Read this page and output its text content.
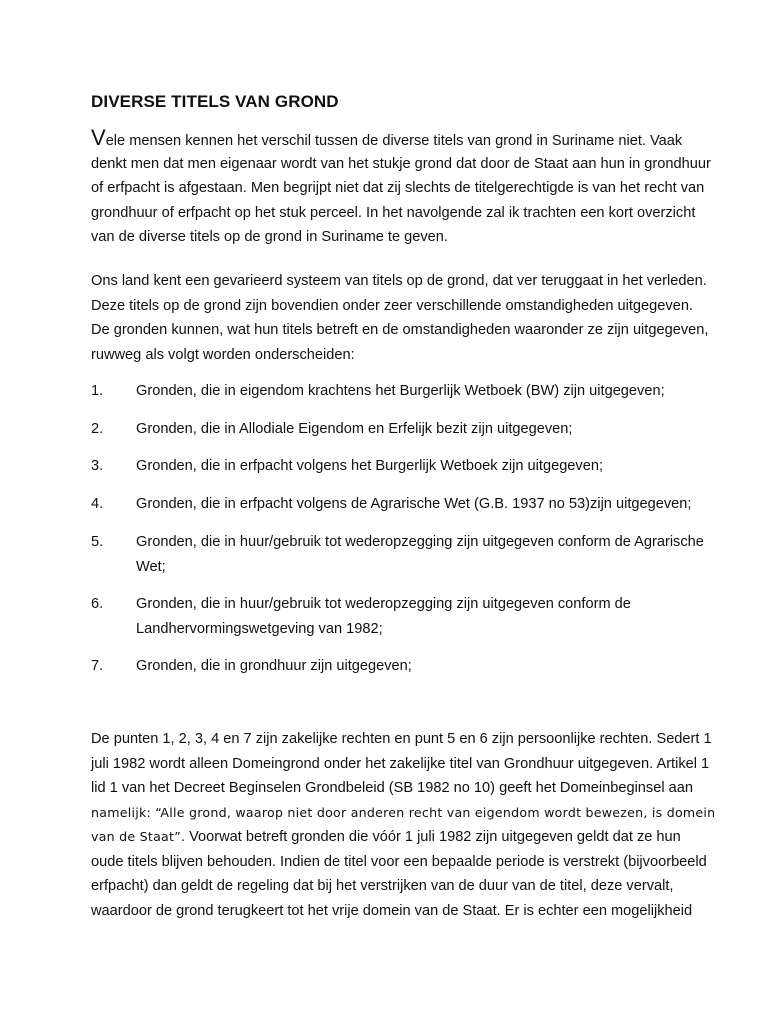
DIVERSE TITELS VAN GROND
Vele mensen kennen het verschil tussen de diverse titels van grond in Suriname niet. Vaak
denkt men dat men eigenaar wordt van het stukje grond dat door de Staat aan hun in grondhuur
of erfpacht is afgestaan. Men begrijpt niet dat zij slechts de titelgerechtigde is van het recht van
grondhuur of erfpacht op het stuk perceel. In het navolgende zal ik trachten een kort overzicht
van de diverse titels op de grond in Suriname te geven.
Ons land kent een gevarieerd systeem van titels op de grond, dat ver teruggaat in het verleden.
Deze titels op de grond zijn bovendien onder zeer verschillende omstandigheden uitgegeven.
De gronden kunnen, wat hun titels betreft en de omstandigheden waaronder ze zijn uitgegeven,
ruwweg als volgt worden onderscheiden:
1. Gronden, die in eigendom krachtens het Burgerlijk Wetboek (BW) zijn uitgegeven;
2. Gronden, die in Allodiale Eigendom en Erfelijk bezit zijn uitgegeven;
3. Gronden, die in erfpacht volgens het Burgerlijk Wetboek zijn uitgegeven;
4. Gronden, die in erfpacht volgens de Agrarische Wet (G.B. 1937 no 53)zijn uitgegeven;
5. Gronden, die in huur/gebruik tot wederopzegging zijn uitgegeven conform de Agrarische
Wet;
6. Gronden, die in huur/gebruik tot wederopzegging zijn uitgegeven conform de
Landhervormingswetgeving van 1982;
7. Gronden, die in grondhuur zijn uitgegeven;
De punten 1, 2, 3, 4 en 7 zijn zakelijke rechten en punt 5 en 6 zijn persoonlijke rechten. Sedert 1
juli 1982 wordt alleen Domeingrond onder het zakelijke titel van Grondhuur uitgegeven. Artikel 1
lid 1 van het Decreet Beginselen Grondbeleid (SB 1982 no 10) geeft het Domeinbeginsel aan
namelijk: “Alle grond, waarop niet door anderen recht van eigendom wordt bewezen, is domein
van de Staat”. Voorwat betreft gronden die vóór 1 juli 1982 zijn uitgegeven geldt dat ze hun
oude titels blijven behouden. Indien de titel voor een bepaalde periode is verstrekt (bijvoorbeeld
erfpacht) dan geldt de regeling dat bij het verstrijken van de duur van de titel, deze vervalt,
waardoor de grond terugkeert tot het vrije domein van de Staat. Er is echter een mogelijkheid
